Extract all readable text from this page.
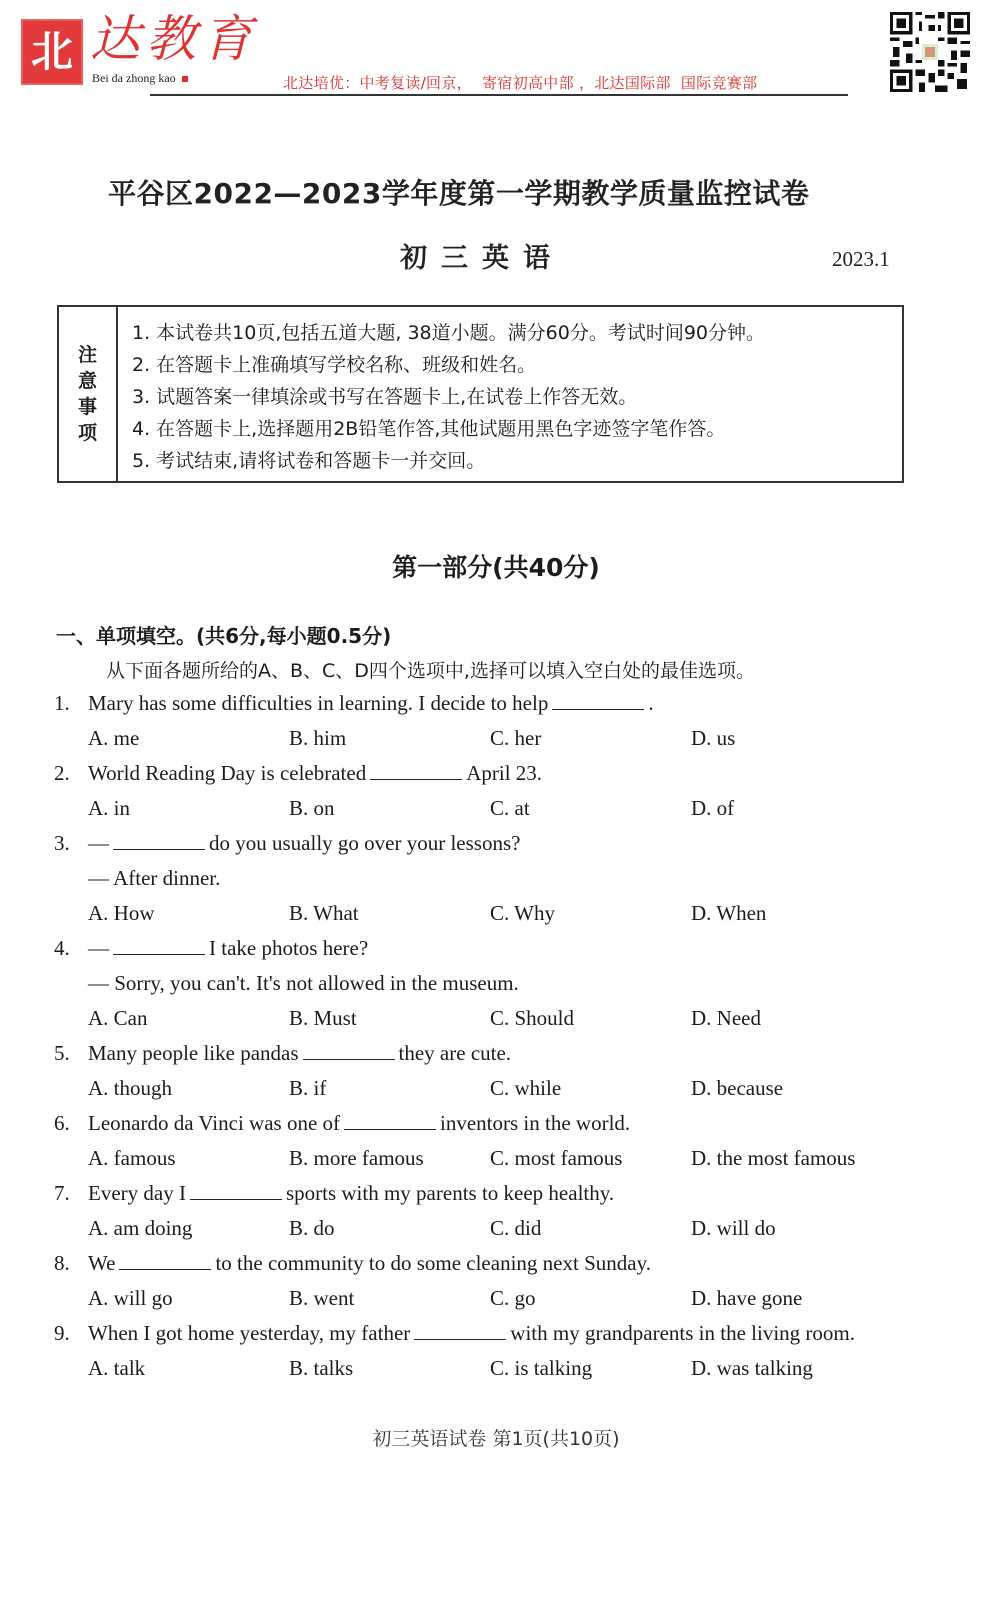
北 达教育
Bei da zhong kao	北达培优：中考复读/回京，  寄宿初高中部 ，北达国际部  国际竞赛部
平谷区2022—2023学年度第一学期教学质量监控试卷
初三英语	2023.1
注
意
事
项
1. 本试卷共10页,包括五道大题, 38道小题。满分60分。考试时间90分钟。
2. 在答题卡上准确填写学校名称、班级和姓名。
3. 试题答案一律填涂或书写在答题卡上,在试卷上作答无效。
4. 在答题卡上,选择题用2B铅笔作答,其他试题用黑色字迹签字笔作答。
5. 考试结束,请将试卷和答题卡一并交回。
第一部分(共40分)
一、单项填空。(共6分,每小题0.5分)
从下面各题所给的A、B、C、D四个选项中,选择可以填入空白处的最佳选项。
1. Mary has some difficulties in learning. I decide to help	.
A. me	B. him	C. her	D. us
2. World Reading Day is celebrated	April 23.
A. in	B. on	C. at	D. of
3. —	do you usually go over your lessons?
— After dinner.
A. How	B. What	C. Why	D. When
4. —	I take photos here?
— Sorry, you can't. It's not allowed in the museum.
A. Can	B. Must	C. Should	D. Need
5. Many people like pandas	they are cute.
A. though	B. if	C. while	D. because
6. Leonardo da Vinci was one of	inventors in the world.
A. famous	B. more famous	C. most famous	D. the most famous
7. Every day I	sports with my parents to keep healthy.
A. am doing	B. do	C. did	D. will do
8. We	to the community to do some cleaning next Sunday.
A. will go	B. went	C. go	D. have gone
9. When I got home yesterday, my father	with my grandparents in the living room.
A. talk	B. talks	C. is talking	D. was talking
初三英语试卷 第1页(共10页)
